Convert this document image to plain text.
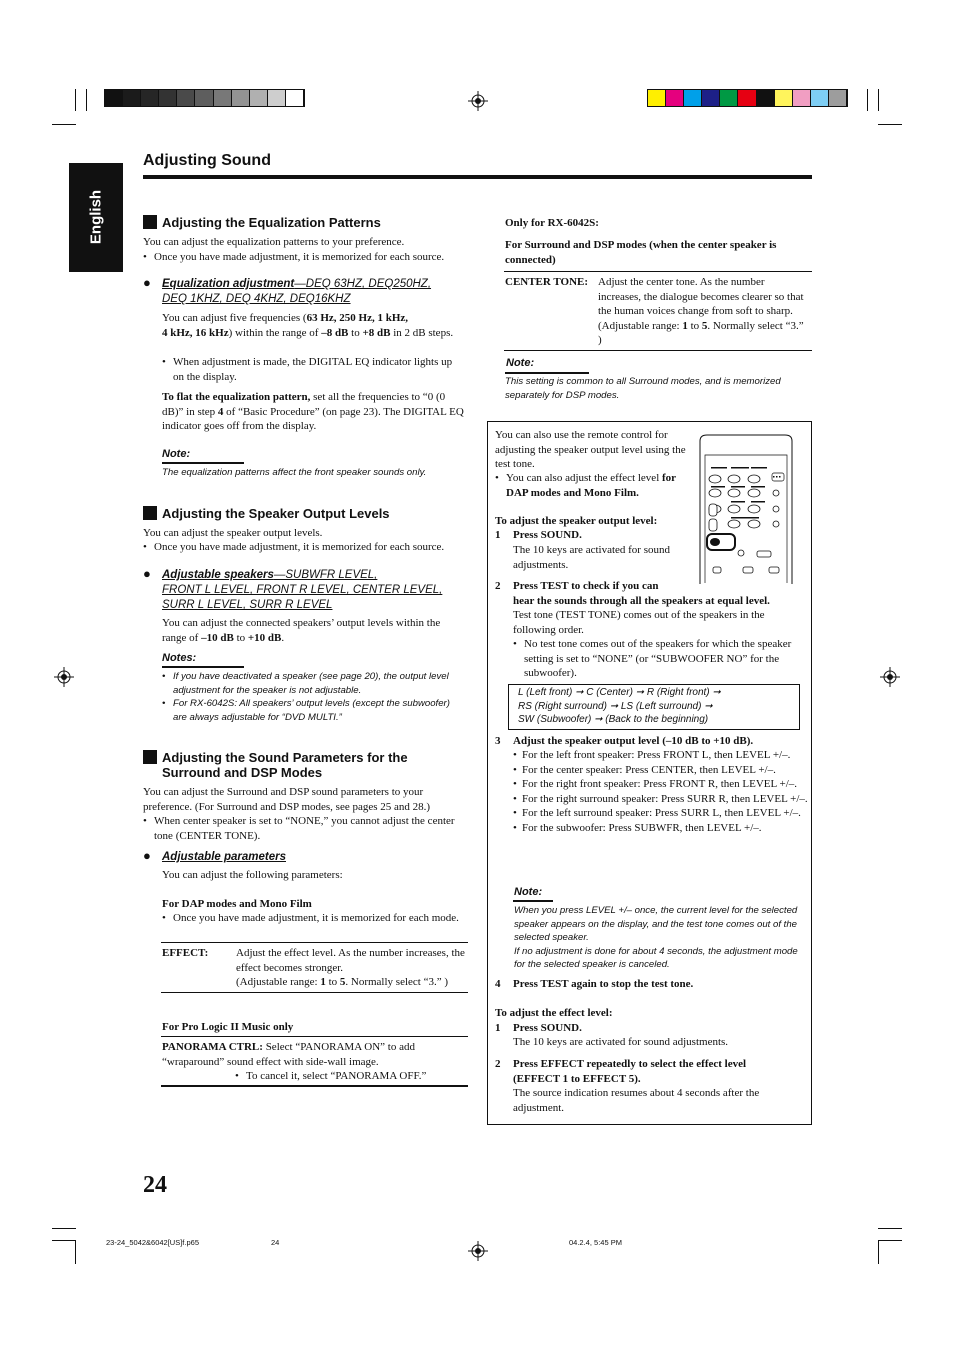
English
Adjusting Sound
Adjusting the Equalization Patterns
You can adjust the equalization patterns to your preference.
• Once you have made adjustment, it is memorized for each source.
● Equalization adjustment—DEQ 63HZ, DEQ250HZ,
DEQ 1KHZ, DEQ 4KHZ, DEQ16KHZ
You can adjust five frequencies (63 Hz, 250 Hz, 1 kHz,
4 kHz, 16 kHz) within the range of –8 dB to +8 dB in 2 dB steps.
• When adjustment is made, the DIGITAL EQ indicator lights up on the display.
To flat the equalization pattern, set all the frequencies to “0 (0 dB)” in step 4 of “Basic Procedure” (on page 23). The DIGITAL EQ indicator goes off from the display.
Note:
The equalization patterns affect the front speaker sounds only.
Adjusting the Speaker Output Levels
You can adjust the speaker output levels.
• Once you have made adjustment, it is memorized for each source.
● Adjustable speakers—SUBWFR LEVEL,
FRONT L LEVEL, FRONT R LEVEL, CENTER LEVEL,
SURR L LEVEL, SURR R LEVEL
You can adjust the connected speakers’ output levels within the range of –10 dB to +10 dB.
Notes:
• If you have deactivated a speaker (see page 20), the output level adjustment for the speaker is not adjustable.
• For RX-6042S: All speakers’ output levels (except the subwoofer) are always adjustable for “DVD MULTI.”
Adjusting the Sound Parameters for the
Surround and DSP Modes
You can adjust the Surround and DSP sound parameters to your preference. (For Surround and DSP modes, see pages 25 and 28.)
• When center speaker is set to “NONE,” you cannot adjust the center tone (CENTER TONE).
● Adjustable parameters
You can adjust the following parameters:
For DAP modes and Mono Film
• Once you have made adjustment, it is memorized for each mode.
EFFECT:	Adjust the effect level. As the number increases, the effect becomes stronger.
(Adjustable range: 1 to 5. Normally select “3.” )
For Pro Logic II Music only
PANORAMA CTRL: Select “PANORAMA ON” to add “wraparound” sound effect with side-wall image.
• To cancel it, select “PANORAMA OFF.”
Only for RX-6042S:
For Surround and DSP modes (when the center speaker is connected)
CENTER TONE: Adjust the center tone. As the number increases, the dialogue becomes clearer so that the human voices change from soft to sharp. (Adjustable range: 1 to 5. Normally select “3.” )
Note:
This setting is common to all Surround modes, and is memorized separately for DSP modes.
You can also use the remote control for adjusting the speaker output level using the test tone.
• You can also adjust the effect level for DAP modes and Mono Film.
To adjust the speaker output level:
1 Press SOUND.
The 10 keys are activated for sound adjustments.
2 Press TEST to check if you can
hear the sounds through all the speakers at equal level.
Test tone (TEST TONE) comes out of the speakers in the following order.
• No test tone comes out of the speakers for which the speaker setting is set to “NONE” (or “SUBWOOFER NO” for the subwoofer).
L (Left front) ➞ C (Center) ➞ R (Right front) ➞
RS (Right surround) ➞ LS (Left surround) ➞
SW (Subwoofer) ➞ (Back to the beginning)
3 Adjust the speaker output level (–10 dB to +10 dB).
• For the left front speaker: Press FRONT L, then LEVEL +/–.
• For the center speaker: Press CENTER, then LEVEL +/–.
• For the right front speaker: Press FRONT R, then LEVEL +/–.
• For the right surround speaker: Press SURR R, then LEVEL +/–.
• For the left surround speaker: Press SURR L, then LEVEL +/–.
• For the subwoofer: Press SUBWFR, then LEVEL +/–.
Note:
When you press LEVEL +/– once, the current level for the selected speaker appears on the display, and the test tone comes out of the selected speaker.
If no adjustment is done for about 4 seconds, the adjustment mode for the selected speaker is canceled.
4 Press TEST again to stop the test tone.
To adjust the effect level:
1 Press SOUND.
The 10 keys are activated for sound adjustments.
2 Press EFFECT repeatedly to select the effect level (EFFECT 1 to EFFECT 5).
The source indication resumes about 4 seconds after the adjustment.
24
23-24_5042&6042[US]f.p65	24	04.2.4, 5:45 PM
